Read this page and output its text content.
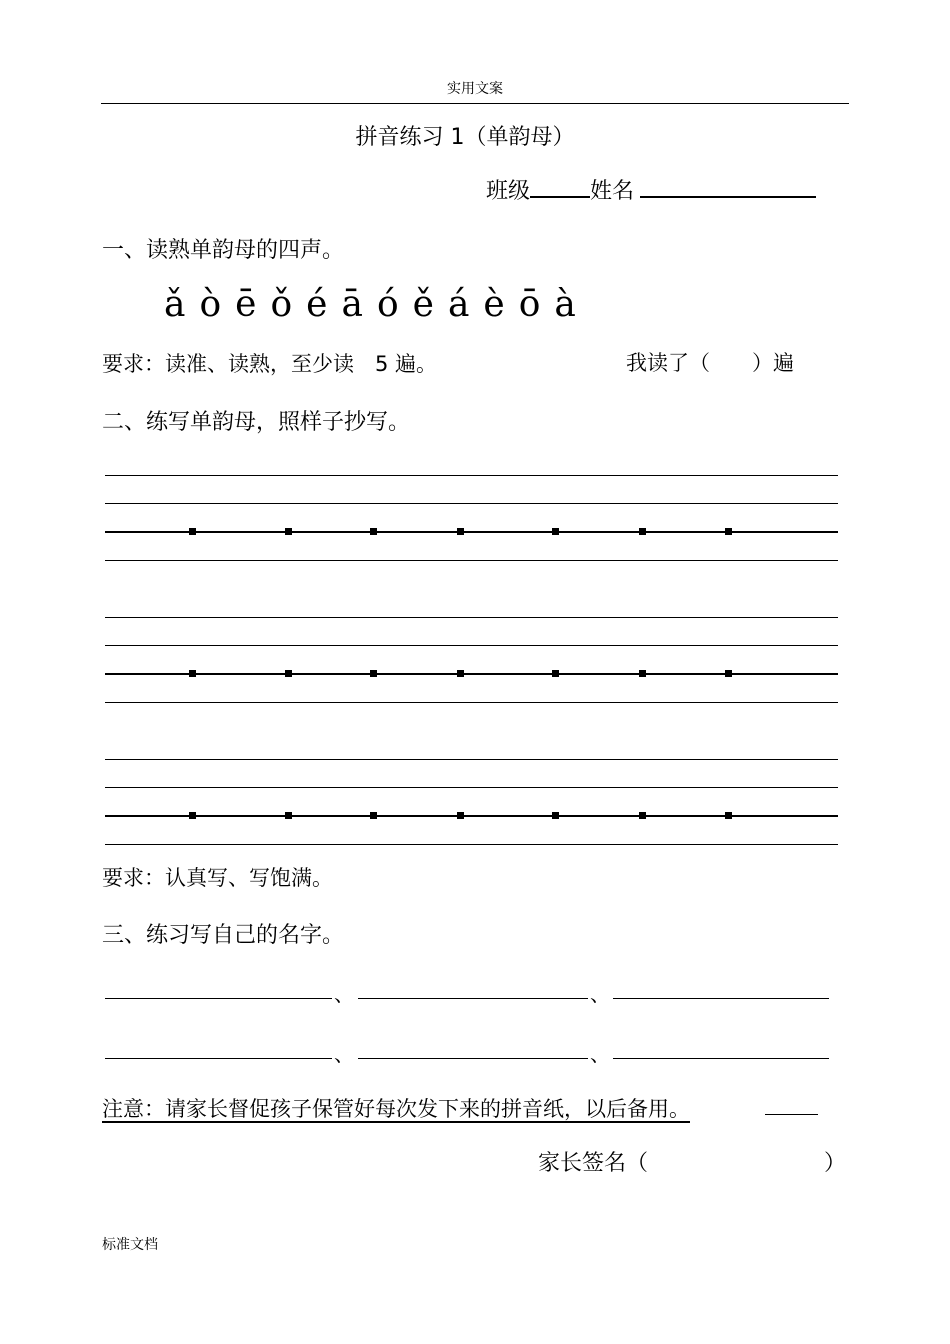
实用文案
拼音练习 1（单韵母）
班级	姓名
一、读熟单韵母的四声。
ǎ ò ē ǒ é ā ó ě á è ō à
要求：读准、读熟，至少读　5 遍。	我读了（　　）遍
二、练写单韵母，照样子抄写。
要求：认真写、写饱满。
三、练习写自己的名字。
、	、
、	、
注意：请家长督促孩子保管好每次发下来的拼音纸，以后备用。
家长签名（　　　　　　　　）
标准文档
